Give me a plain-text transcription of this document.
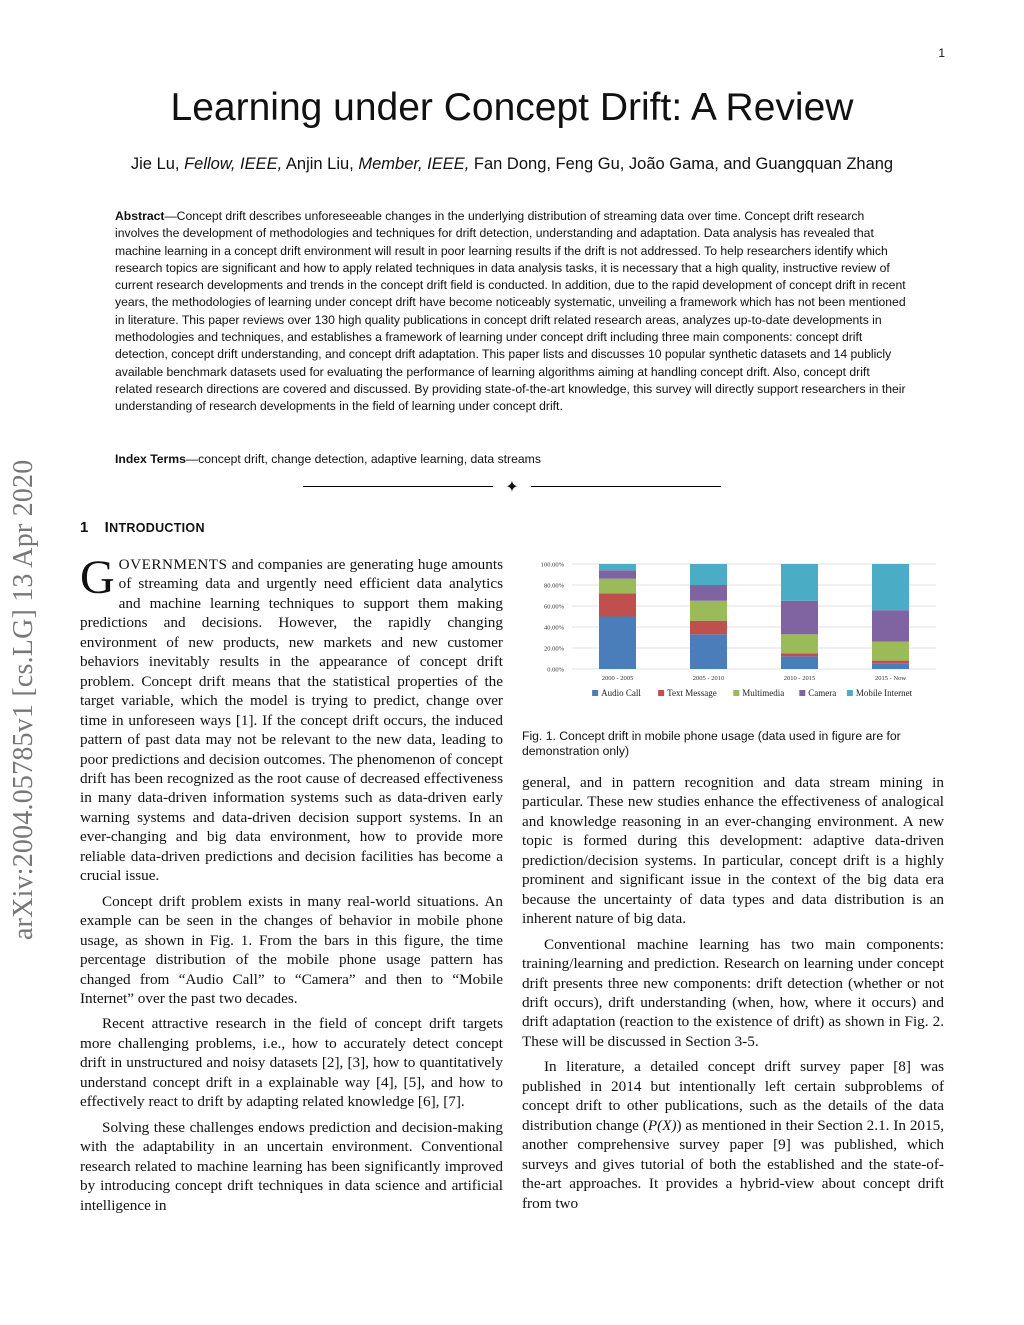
1
Learning under Concept Drift: A Review
Jie Lu, Fellow, IEEE, Anjin Liu, Member, IEEE, Fan Dong, Feng Gu, João Gama, and Guangquan Zhang

Abstract—Concept drift describes unforeseeable changes in the underlying distribution of streaming data over time. Concept drift research involves the development of methodologies and techniques for drift detection, understanding and adaptation. Data analysis has revealed that machine learning in a concept drift environment will result in poor learning results if the drift is not addressed. To help researchers identify which research topics are significant and how to apply related techniques in data analysis tasks, it is necessary that a high quality, instructive review of current research developments and trends in the concept drift field is conducted. In addition, due to the rapid development of concept drift in recent years, the methodologies of learning under concept drift have become noticeably systematic, unveiling a framework which has not been mentioned in literature. This paper reviews over 130 high quality publications in concept drift related research areas, analyzes up-to-date developments in methodologies and techniques, and establishes a framework of learning under concept drift including three main components: concept drift detection, concept drift understanding, and concept drift adaptation. This paper lists and discusses 10 popular synthetic datasets and 14 publicly available benchmark datasets used for evaluating the performance of learning algorithms aiming at handling concept drift. Also, concept drift related research directions are covered and discussed. By providing state-of-the-art knowledge, this survey will directly support researchers in their understanding of research developments in the field of learning under concept drift.

Index Terms—concept drift, change detection, adaptive learning, data streams

✦
arXiv:2004.05785v1 [cs.LG] 13 Apr 2020	1 INTRODUCTION

GOVERNMENTS and companies are generating huge amounts of streaming data and urgently need efficient data analytics and machine learning techniques to support them making predictions and decisions. However, the rapidly changing environment of new products, new markets and new customer behaviors inevitably results in the appearance of concept drift problem. Concept drift means that the statistical properties of the target variable, which the model is trying to predict, change over time in unforeseen ways [1]. If the concept drift occurs, the induced pattern of past data may not be relevant to the new data, leading to poor predictions and decision outcomes. The phenomenon of concept drift has been recognized as the root cause of decreased effectiveness in many data-driven information systems such as data-driven early warning systems and data-driven decision support systems. In an ever-changing and big data environment, how to provide more reliable data-driven predictions and decision facilities has become a crucial issue.

Concept drift problem exists in many real-world situations. An example can be seen in the changes of behavior in mobile phone usage, as shown in Fig. 1. From the bars in this figure, the time percentage distribution of the mobile phone usage pattern has changed from “Audio Call” to “Camera” and then to “Mobile Internet” over the past two decades.

Recent attractive research in the field of concept drift targets more challenging problems, i.e., how to accurately detect concept drift in unstructured and noisy datasets [2], [3], how to quantitatively understand concept drift in a explainable way [4], [5], and how to effectively react to drift by adapting related knowledge [6], [7].

Solving these challenges endows prediction and decision-making with the adaptability in an uncertain environment. Conventional research related to machine learning has been significantly improved by introducing concept drift techniques in data science and artificial intelligence in

0.00%
20.00%
40.00%
60.00%
80.00%
100.00%
2000 - 2005	2005 - 2010	2010 - 2015	2015 - Now
Audio Call	Text Message	Multimedia	Camera Mobile Internet

Fig. 1. Concept drift in mobile phone usage (data used in figure are for demonstration only)

general, and in pattern recognition and data stream mining in particular. These new studies enhance the effectiveness of analogical and knowledge reasoning in an ever-changing environment. A new topic is formed during this development: adaptive data-driven prediction/decision systems. In particular, concept drift is a highly prominent and significant issue in the context of the big data era because the uncertainty of data types and data distribution is an inherent nature of big data.

Conventional machine learning has two main components: training/learning and prediction. Research on learning under concept drift presents three new components: drift detection (whether or not drift occurs), drift understanding (when, how, where it occurs) and drift adaptation (reaction to the existence of drift) as shown in Fig. 2. These will be discussed in Section 3-5.

In literature, a detailed concept drift survey paper [8] was published in 2014 but intentionally left certain subproblems of concept drift to other publications, such as the details of the data distribution change (P(X)) as mentioned in their Section 2.1. In 2015, another comprehensive survey paper [9] was published, which surveys and gives tutorial of both the established and the state-of-the-art approaches. It provides a hybrid-view about concept drift from two
